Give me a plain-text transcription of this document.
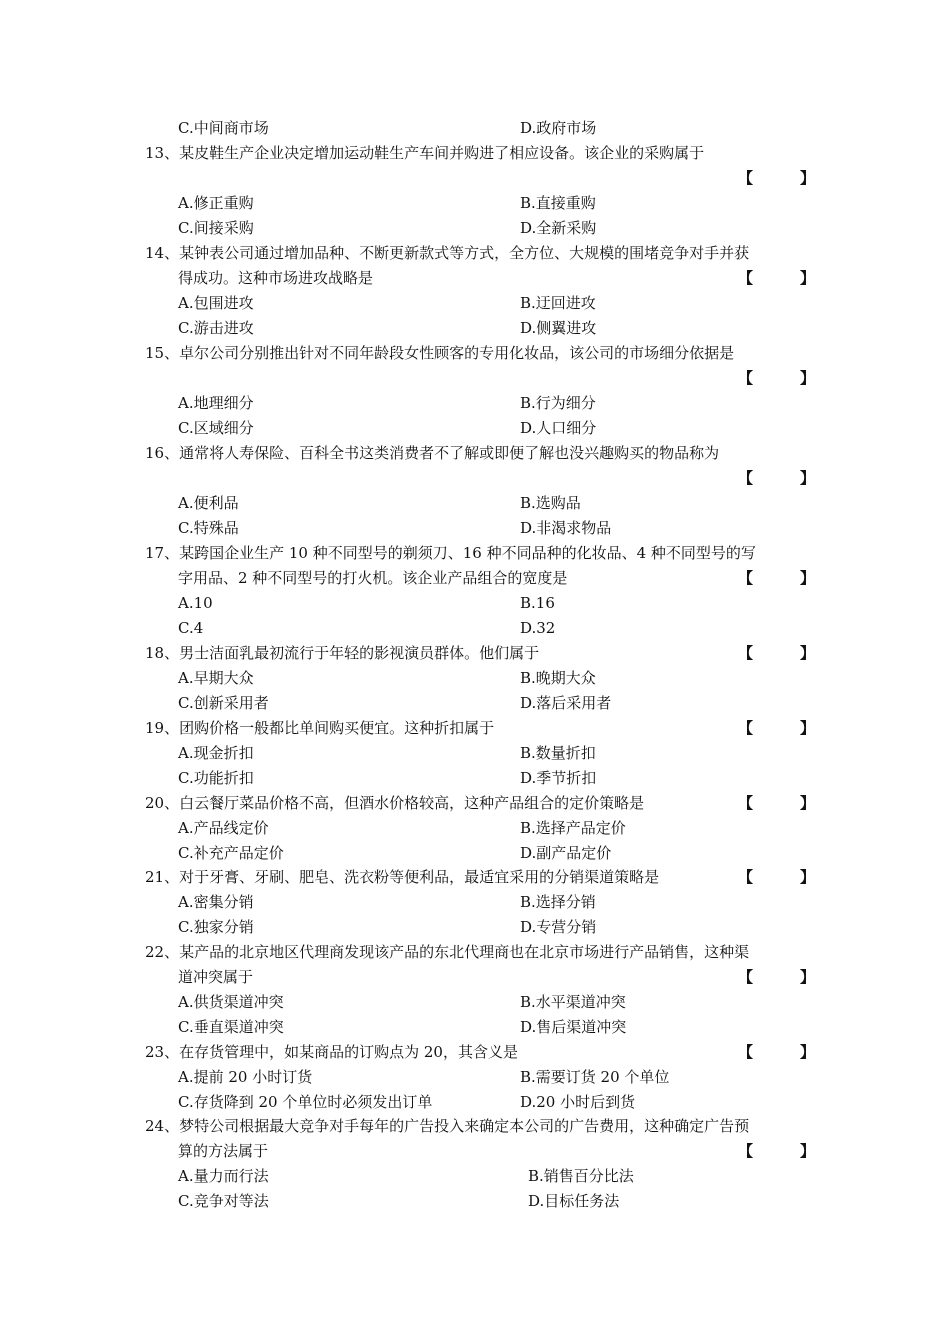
C.中间商市场	D.政府市场
13、某皮鞋生产企业决定增加运动鞋生产车间并购进了相应设备。该企业的采购属于
【	】
A.修正重购	B.直接重购
C.间接采购	D.全新采购
14、某钟表公司通过增加品种、不断更新款式等方式，全方位、大规模的围堵竞争对手并获
得成功。这种市场进攻战略是	【	】
A.包围进攻	B.迂回进攻
C.游击进攻	D.侧翼进攻
15、卓尔公司分别推出针对不同年龄段女性顾客的专用化妆品，该公司的市场细分依据是
【	】
A.地理细分	B.行为细分
C.区域细分	D.人口细分
16、通常将人寿保险、百科全书这类消费者不了解或即便了解也没兴趣购买的物品称为
【	】
A.便利品	B.选购品
C.特殊品	D.非渴求物品
17、某跨国企业生产 10 种不同型号的剃须刀、16 种不同品种的化妆品、4 种不同型号的写
字用品、2 种不同型号的打火机。该企业产品组合的宽度是	【	】
A.10	B.16
C.4	D.32
18、男士洁面乳最初流行于年轻的影视演员群体。他们属于	【	】
A.早期大众	B.晚期大众
C.创新采用者	D.落后采用者
19、团购价格一般都比单间购买便宜。这种折扣属于	【	】
A.现金折扣	B.数量折扣
C.功能折扣	D.季节折扣
20、白云餐厅菜品价格不高，但酒水价格较高，这种产品组合的定价策略是	【	】
A.产品线定价	B.选择产品定价
C.补充产品定价	D.副产品定价
21、对于牙膏、牙刷、肥皂、洗衣粉等便利品，最适宜采用的分销渠道策略是	【	】
A.密集分销	B.选择分销
C.独家分销	D.专营分销
22、某产品的北京地区代理商发现该产品的东北代理商也在北京市场进行产品销售，这种渠
道冲突属于	【	】
A.供货渠道冲突	B.水平渠道冲突
C.垂直渠道冲突	D.售后渠道冲突
23、在存货管理中，如某商品的订购点为 20，其含义是	【	】
A.提前 20 小时订货	B.需要订货 20 个单位
C.存货降到 20 个单位时必须发出订单	D.20 小时后到货
24、梦特公司根据最大竞争对手每年的广告投入来确定本公司的广告费用，这种确定广告预
算的方法属于	【	】
A.量力而行法	B.销售百分比法
C.竞争对等法	D.目标任务法
